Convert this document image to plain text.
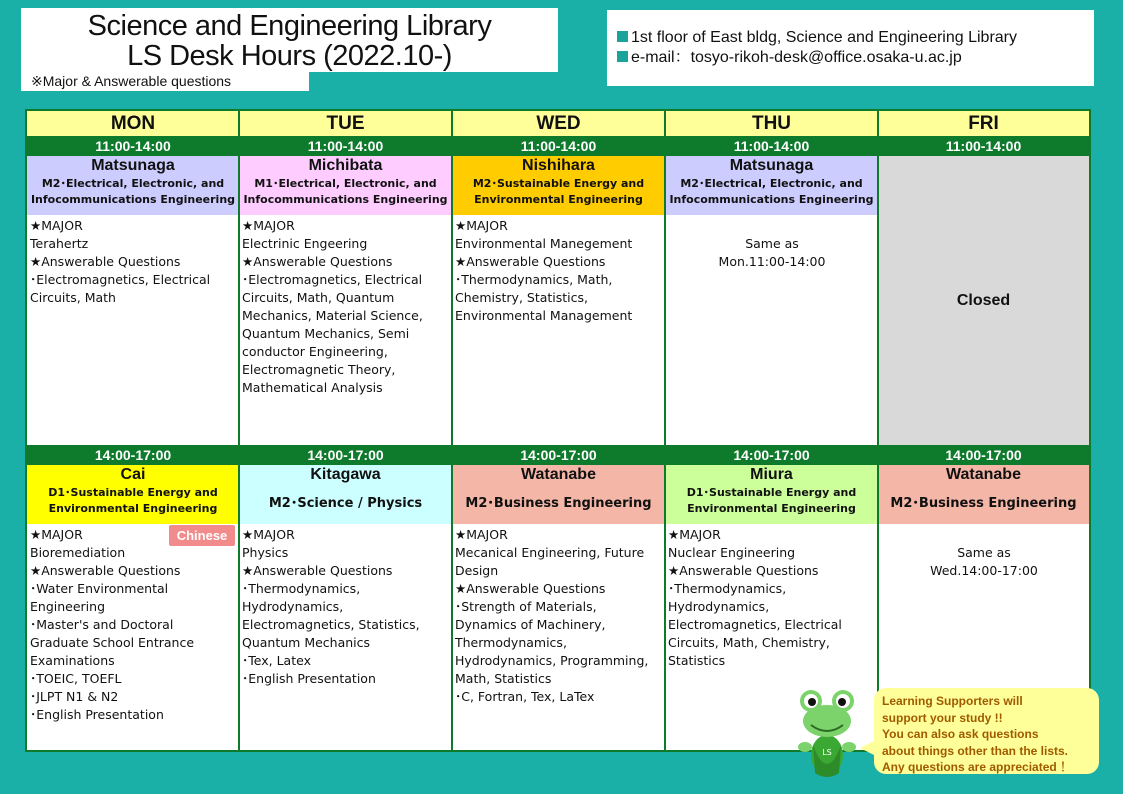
Science and Engineering Library
LS Desk Hours (2022.10-)
※Major & Answerable questions
1st floor of East bldg, Science and Engineering Library
e-mail：tosyo-rikoh-desk@office.osaka-u.ac.jp
MON
11:00-14:00
Matsunaga
M2･Electrical, Electronic, and
Infocommunications Engineering
★MAJOR
Terahertz
★Answerable Questions
･Electromagnetics, Electrical
Circuits, Math
14:00-17:00
Cai
D1･Sustainable Energy and
Environmental Engineering
★MAJOR
Bioremediation
★Answerable Questions
･Water Environmental
Engineering
･Master's and Doctoral
Graduate School Entrance
Examinations
･TOEIC, TOEFL
･JLPT N1 & N2
･English Presentation
Chinese
TUE
11:00-14:00
Michibata
M1･Electrical, Electronic, and
Infocommunications Engineering
★MAJOR
Electrinic Engeering
★Answerable Questions
･Electromagnetics, Electrical
Circuits, Math, Quantum
Mechanics, Material Science,
Quantum Mechanics, Semi
conductor Engineering,
Electromagnetic Theory,
Mathematical Analysis
14:00-17:00
Kitagawa
M2･Science / Physics
★MAJOR
Physics
★Answerable Questions
･Thermodynamics,
Hydrodynamics,
Electromagnetics, Statistics,
Quantum Mechanics
･Tex, Latex
･English Presentation
WED
11:00-14:00
Nishihara
M2･Sustainable Energy and
Environmental Engineering
★MAJOR
Environmental Manegement
★Answerable Questions
･Thermodynamics, Math,
Chemistry, Statistics,
Environmental Management
14:00-17:00
Watanabe
M2･Business Engineering
★MAJOR
Mecanical Engineering, Future
Design
★Answerable Questions
･Strength of Materials,
Dynamics of Machinery,
Thermodynamics,
Hydrodynamics, Programming,
Math, Statistics
･C, Fortran, Tex, LaTex
THU
11:00-14:00
Matsunaga
M2･Electrical, Electronic, and
Infocommunications Engineering
Same as
Mon.11:00-14:00
14:00-17:00
Miura
D1･Sustainable Energy and
Environmental Engineering
★MAJOR
Nuclear Engineering
★Answerable Questions
･Thermodynamics,
Hydrodynamics,
Electromagnetics, Electrical
Circuits, Math, Chemistry,
Statistics
FRI
11:00-14:00
Closed
14:00-17:00
Watanabe
M2･Business Engineering
Same as
Wed.14:00-17:00
Learning Supporters will
support your study !!
You can also ask questions
about things other than the lists.
Any questions are appreciated ！
LS
